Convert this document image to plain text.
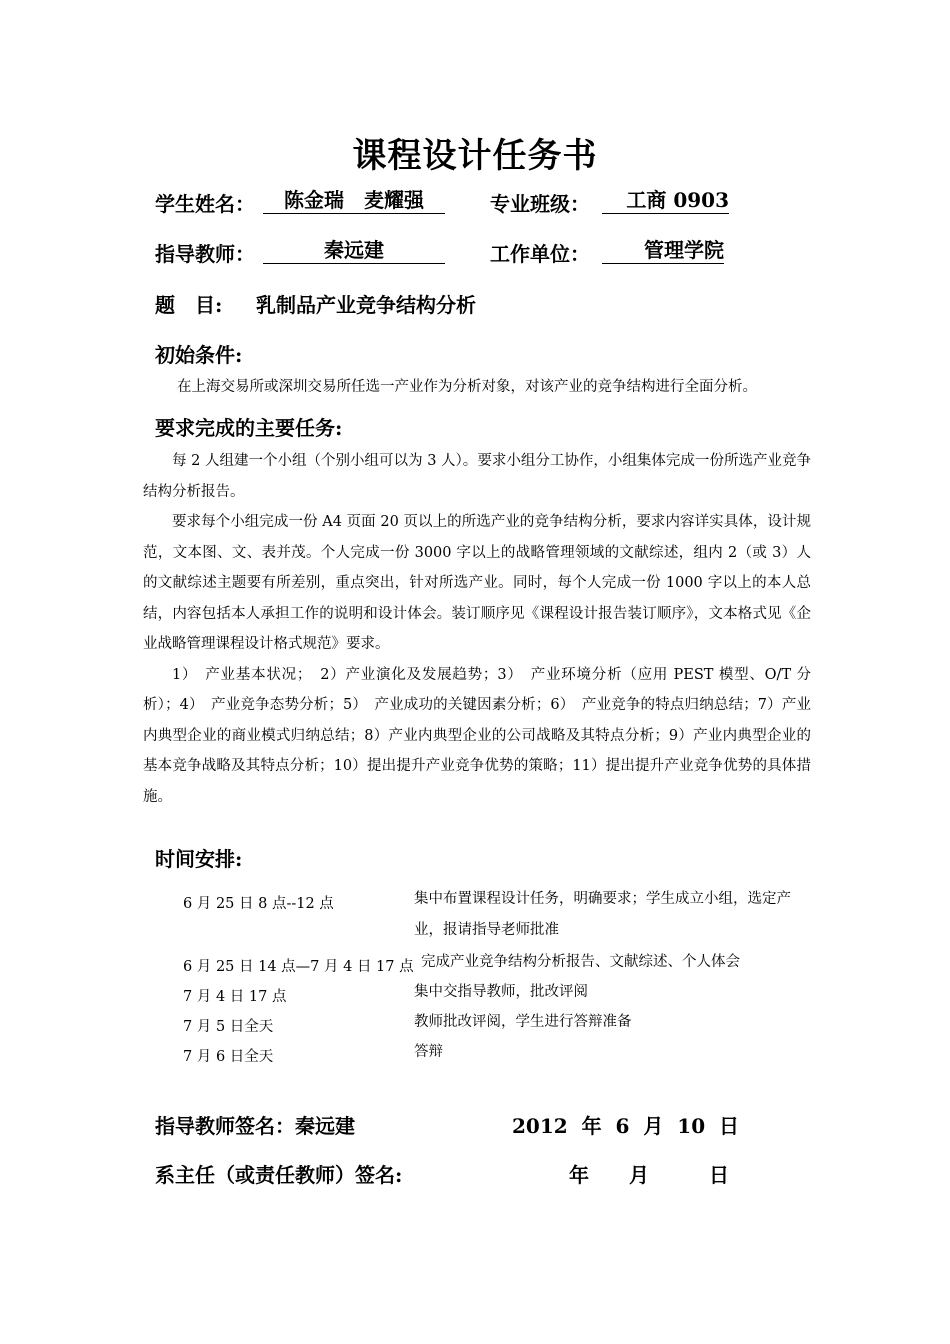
课程设计任务书
学生姓名：	陈金瑞　麦耀强	专业班级：	工商 0903
指导教师：	秦远建	工作单位：	管理学院
题　目: 乳制品产业竞争结构分析
初始条件:
在上海交易所或深圳交易所任选一产业作为分析对象，对该产业的竞争结构进行全面分析。
要求完成的主要任务:

每 2 人组建一个小组（个别小组可以为 3 人）。要求小组分工协作，小组集体完成一份所选产业竞争结构分析报告。

要求每个小组完成一份 A4 页面 20 页以上的所选产业的竞争结构分析，要求内容详实具体，设计规范，文本图、文、表并茂。个人完成一份 3000 字以上的战略管理领域的文献综述，组内 2（或 3）人的文献综述主题要有所差别，重点突出，针对所选产业。同时，每个人完成一份 1000 字以上的本人总结，内容包括本人承担工作的说明和设计体会。装订顺序见《课程设计报告装订顺序》，文本格式见《企业战略管理课程设计格式规范》要求。

1）　产业基本状况；　2）产业演化及发展趋势；3）　产业环境分析（应用 PEST 模型、O/T 分析）；4）　产业竞争态势分析；5）　产业成功的关键因素分析；6）　产业竞争的特点归纳总结；7）产业内典型企业的商业模式归纳总结；8）产业内典型企业的公司战略及其特点分析；9）产业内典型企业的基本竞争战略及其特点分析；10）提出提升产业竞争优势的策略；11）提出提升产业竞争优势的具体措施。

时间安排:
6 月 25 日 8 点--12 点	集中布置课程设计任务，明确要求；学生成立小组，选定产业，报请指导老师批准
6 月 25 日 14 点—7 月 4 日 17 点 完成产业竞争结构分析报告、文献综述、个人体会
7 月 4 日 17 点	集中交指导教师，批改评阅
7 月 5 日全天	教师批改评阅，学生进行答辩准备
7 月 6 日全天	答辩
指导教师签名：秦远建	2012  年  6  月  10  日
系主任（或责任教师）签名:	年　　月　　　日
